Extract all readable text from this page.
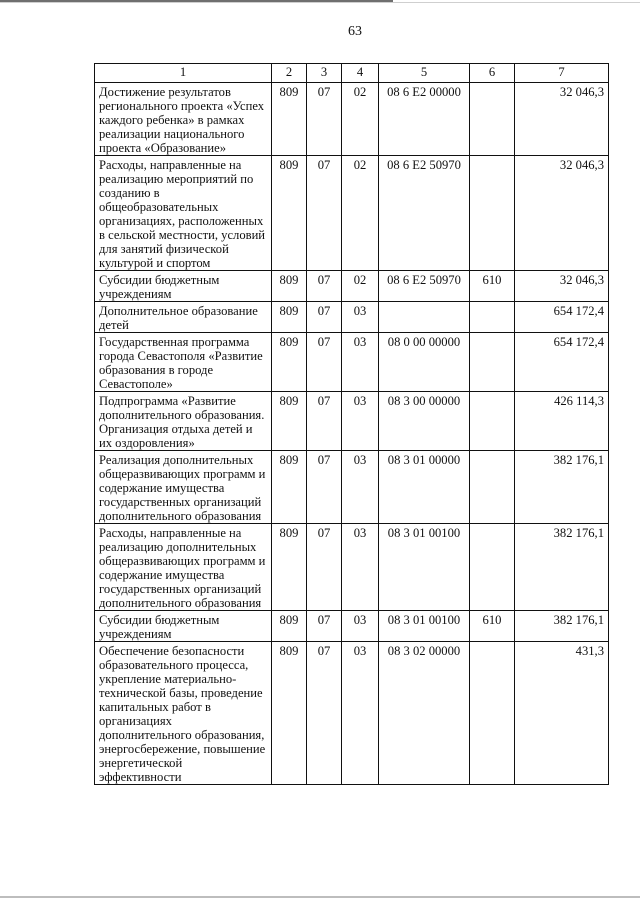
63
1	2	3	4	5	6	7
Достижение результатов регионального проекта «Успех каждого ребенка» в рамках реализации национального проекта «Образование»	809	07	02	08 6 E2 00000		32 046,3
Расходы, направленные на реализацию мероприятий по созданию в общеобразовательных организациях, расположенных в сельской местности, условий для занятий физической культурой и спортом	809	07	02	08 6 E2 50970		32 046,3
Субсидии бюджетным учреждениям	809	07	02	08 6 E2 50970	610	32 046,3
Дополнительное образование детей	809	07	03			654 172,4
Государственная программа города Севастополя «Развитие образования в городе Севастополе»	809	07	03	08 0 00 00000		654 172,4
Подпрограмма «Развитие дополнительного образования. Организация отдыха детей и их оздоровления»	809	07	03	08 3 00 00000		426 114,3
Реализация дополнительных общеразвивающих программ и содержание имущества государственных организаций дополнительного образования	809	07	03	08 3 01 00000		382 176,1
Расходы, направленные на реализацию дополнительных общеразвивающих программ и содержание имущества государственных организаций дополнительного образования	809	07	03	08 3 01 00100		382 176,1
Субсидии бюджетным учреждениям	809	07	03	08 3 01 00100	610	382 176,1
Обеспечение безопасности образовательного процесса, укрепление материально-технической базы, проведение капитальных работ в организациях дополнительного образования, энергосбережение, повышение энергетической эффективности	809	07	03	08 3 02 00000		431,3
